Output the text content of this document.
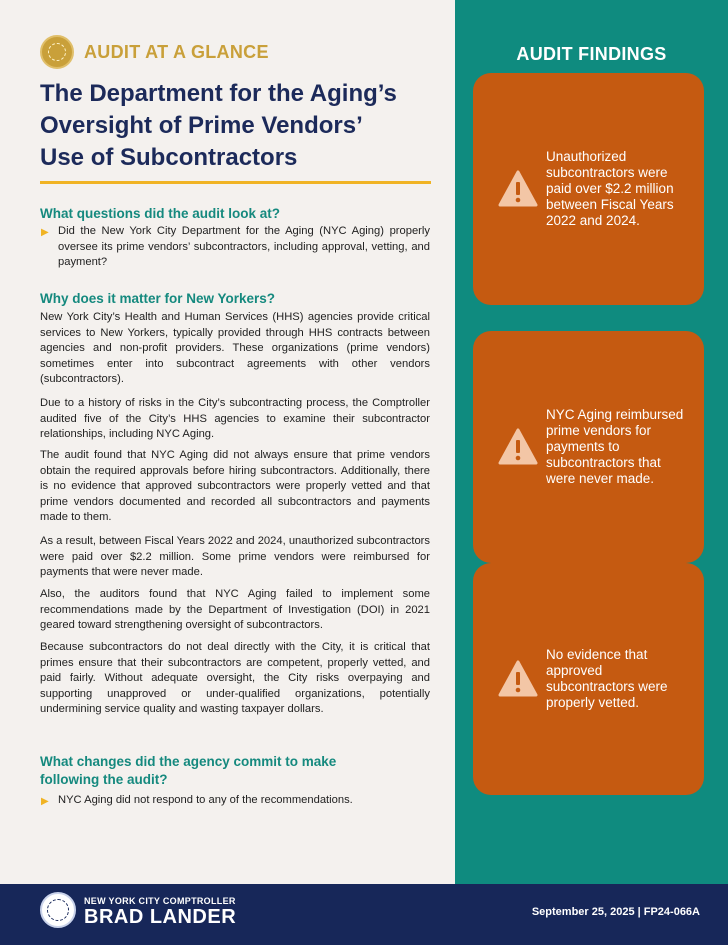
AUDIT AT A GLANCE
The Department for the Aging’s
Oversight of Prime Vendors’
Use of Subcontractors
What questions did the audit look at?
▶ Did the New York City Department for the Aging (NYC Aging) properly oversee its prime vendors’ subcontractors, including approval, vetting, and payment?
Why does it matter for New Yorkers?
New York City’s Health and Human Services (HHS) agencies provide critical services to New Yorkers, typically provided through HHS contracts between agencies and non-profit providers. These organizations (prime vendors) sometimes enter into subcontract agreements with other vendors (subcontractors).
Due to a history of risks in the City’s subcontracting process, the Comptroller audited five of the City’s HHS agencies to examine their subcontractor relationships, including NYC Aging.
The audit found that NYC Aging did not always ensure that prime vendors obtain the required approvals before hiring subcontractors. Additionally, there is no evidence that approved subcontractors were properly vetted and that prime vendors documented and recorded all subcontractors and payments made to them.
As a result, between Fiscal Years 2022 and 2024, unauthorized subcontractors were paid over $2.2 million. Some prime vendors were reimbursed for payments that were never made.
Also, the auditors found that NYC Aging failed to implement some recommendations made by the Department of Investigation (DOI) in 2021 geared toward strengthening oversight of subcontractors.
Because subcontractors do not deal directly with the City, it is critical that primes ensure that their subcontractors are competent, properly vetted, and paid fairly. Without adequate oversight, the City risks overpaying and supporting unapproved or under-qualified organizations, potentially undermining service quality and wasting taxpayer dollars.
What changes did the agency commit to make
following the audit?
▶ NYC Aging did not respond to any of the recommendations.
AUDIT FINDINGS
Unauthorized subcontractors were paid over $2.2 million between Fiscal Years 2022 and 2024.
NYC Aging reimbursed prime vendors for payments to subcontractors that were never made.
No evidence that approved subcontractors were properly vetted.
NEW YORK CITY COMPTROLLER
BRAD LANDER	September 25, 2025 | FP24-066A
